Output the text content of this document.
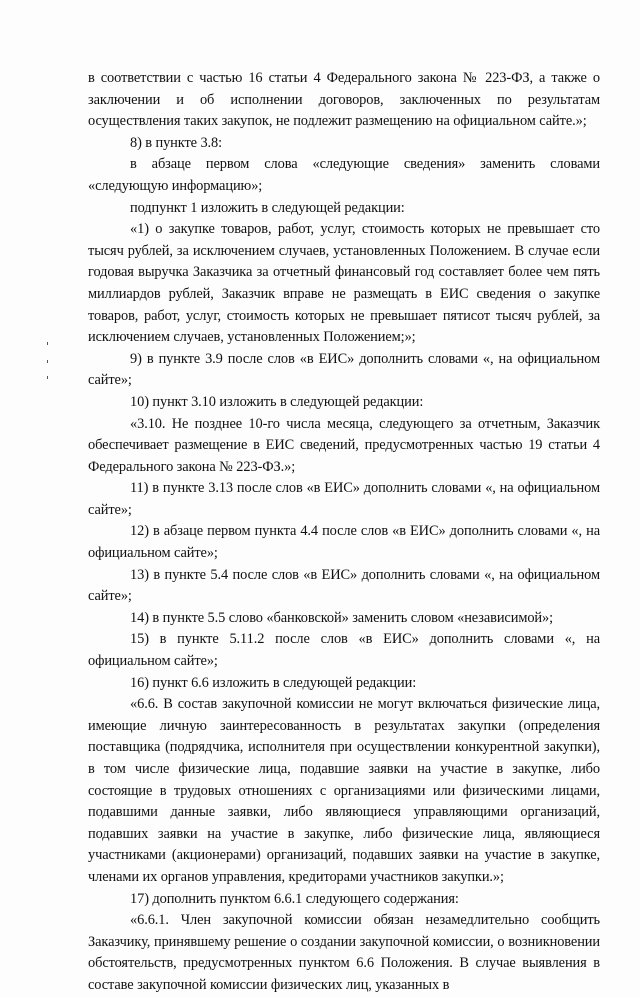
в соответствии с частью 16 статьи 4 Федерального закона № 223-ФЗ, а также о заключении и об исполнении договоров, заключенных по результатам осуществления таких закупок, не подлежит размещению на официальном сайте.»;

8) в пункте 3.8:

в абзаце первом слова «следующие сведения» заменить словами «следующую информацию»;

подпункт 1 изложить в следующей редакции:

«1) о закупке товаров, работ, услуг, стоимость которых не превышает сто тысяч рублей, за исключением случаев, установленных Положением. В случае если годовая выручка Заказчика за отчетный финансовый год составляет более чем пять миллиардов рублей, Заказчик вправе не размещать в ЕИС сведения о закупке товаров, работ, услуг, стоимость которых не превышает пятисот тысяч рублей, за исключением случаев, установленных Положением;»;

9) в пункте 3.9 после слов «в ЕИС» дополнить словами «, на официальном сайте»;

10) пункт 3.10 изложить в следующей редакции:

«3.10. Не позднее 10-го числа месяца, следующего за отчетным, Заказчик обеспечивает размещение в ЕИС сведений, предусмотренных частью 19 статьи 4 Федерального закона № 223-ФЗ.»;

11) в пункте 3.13 после слов «в ЕИС» дополнить словами «, на официальном сайте»;

12) в абзаце первом пункта 4.4 после слов «в ЕИС» дополнить словами «, на официальном сайте»;

13) в пункте 5.4 после слов «в ЕИС» дополнить словами «, на официальном сайте»;

14) в пункте 5.5 слово «банковской» заменить словом «независимой»;

15) в пункте 5.11.2 после слов «в ЕИС» дополнить словами «, на официальном сайте»;

16) пункт 6.6 изложить в следующей редакции:

«6.6. В состав закупочной комиссии не могут включаться физические лица, имеющие личную заинтересованность в результатах закупки (определения поставщика (подрядчика, исполнителя при осуществлении конкурентной закупки), в том числе физические лица, подавшие заявки на участие в закупке, либо состоящие в трудовых отношениях с организациями или физическими лицами, подавшими данные заявки, либо являющиеся управляющими организаций, подавших заявки на участие в закупке, либо физические лица, являющиеся участниками (акционерами) организаций, подавших заявки на участие в закупке, членами их органов управления, кредиторами участников закупки.»;

17) дополнить пунктом 6.6.1 следующего содержания:

«6.6.1. Член закупочной комиссии обязан незамедлительно сообщить Заказчику, принявшему решение о создании закупочной комиссии, о возникновении обстоятельств, предусмотренных пунктом 6.6 Положения. В случае выявления в составе закупочной комиссии физических лиц, указанных в
